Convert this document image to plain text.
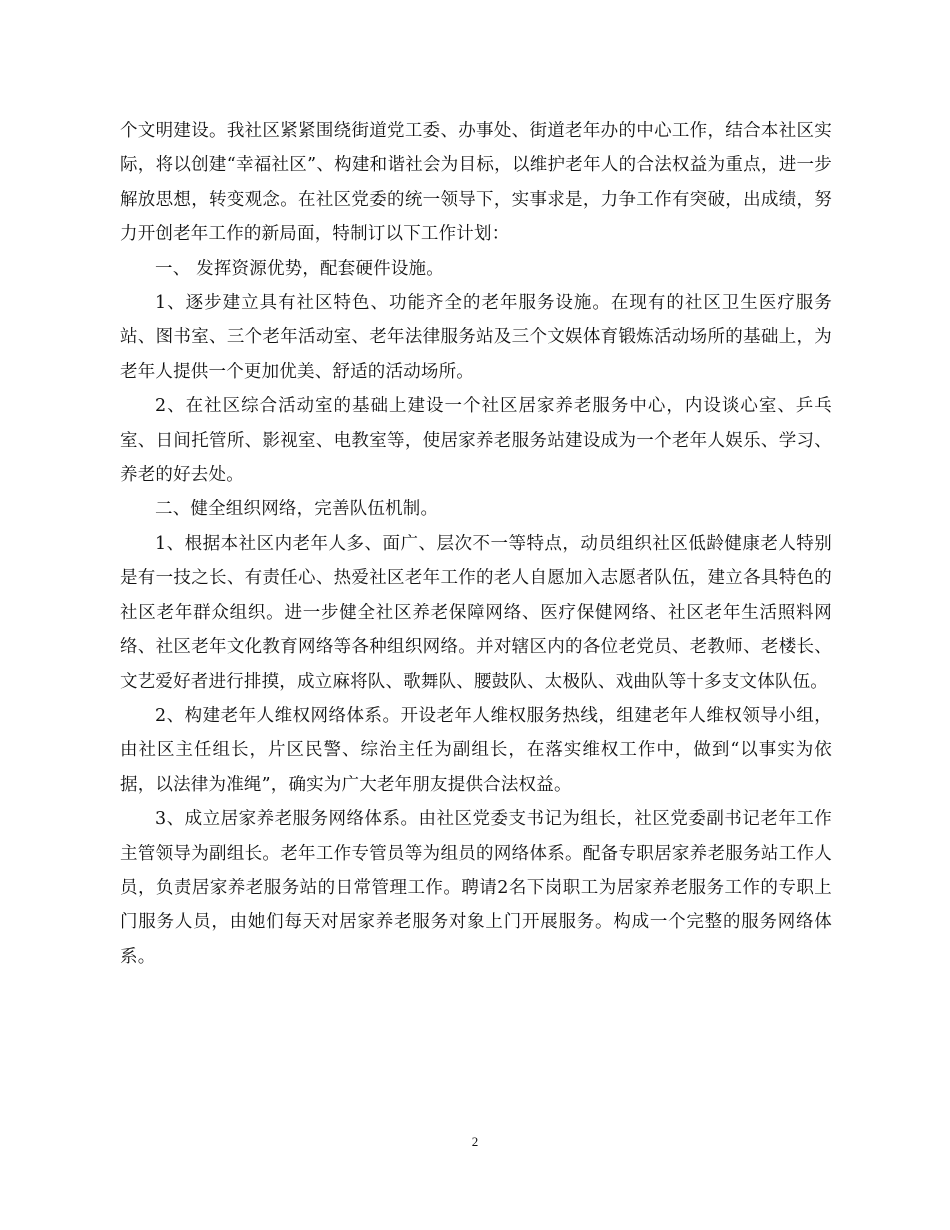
个文明建设。我社区紧紧围绕街道党工委、办事处、街道老年办的中心工作，结合本社区实际，将以创建“幸福社区”、构建和谐社会为目标，以维护老年人的合法权益为重点，进一步解放思想，转变观念。在社区党委的统一领导下，实事求是，力争工作有突破，出成绩，努力开创老年工作的新局面，特制订以下工作计划：

一、 发挥资源优势，配套硬件设施。

1、逐步建立具有社区特色、功能齐全的老年服务设施。在现有的社区卫生医疗服务站、图书室、三个老年活动室、老年法律服务站及三个文娱体育锻炼活动场所的基础上，为老年人提供一个更加优美、舒适的活动场所。

2、在社区综合活动室的基础上建设一个社区居家养老服务中心，内设谈心室、乒乓室、日间托管所、影视室、电教室等，使居家养老服务站建设成为一个老年人娱乐、学习、养老的好去处。

二、健全组织网络，完善队伍机制。

1、根据本社区内老年人多、面广、层次不一等特点，动员组织社区低龄健康老人特别是有一技之长、有责任心、热爱社区老年工作的老人自愿加入志愿者队伍，建立各具特色的社区老年群众组织。进一步健全社区养老保障网络、医疗保健网络、社区老年生活照料网络、社区老年文化教育网络等各种组织网络。并对辖区内的各位老党员、老教师、老楼长、文艺爱好者进行排摸，成立麻将队、歌舞队、腰鼓队、太极队、戏曲队等十多支文体队伍。

2、构建老年人维权网络体系。开设老年人维权服务热线，组建老年人维权领导小组，由社区主任组长，片区民警、综治主任为副组长，在落实维权工作中，做到“以事实为依据，以法律为准绳”，确实为广大老年朋友提供合法权益。

3、成立居家养老服务网络体系。由社区党委支书记为组长，社区党委副书记老年工作主管领导为副组长。老年工作专管员等为组员的网络体系。配备专职居家养老服务站工作人员，负责居家养老服务站的日常管理工作。聘请2名下岗职工为居家养老服务工作的专职上门服务人员，由她们每天对居家养老服务对象上门开展服务。构成一个完整的服务网络体系。

2
